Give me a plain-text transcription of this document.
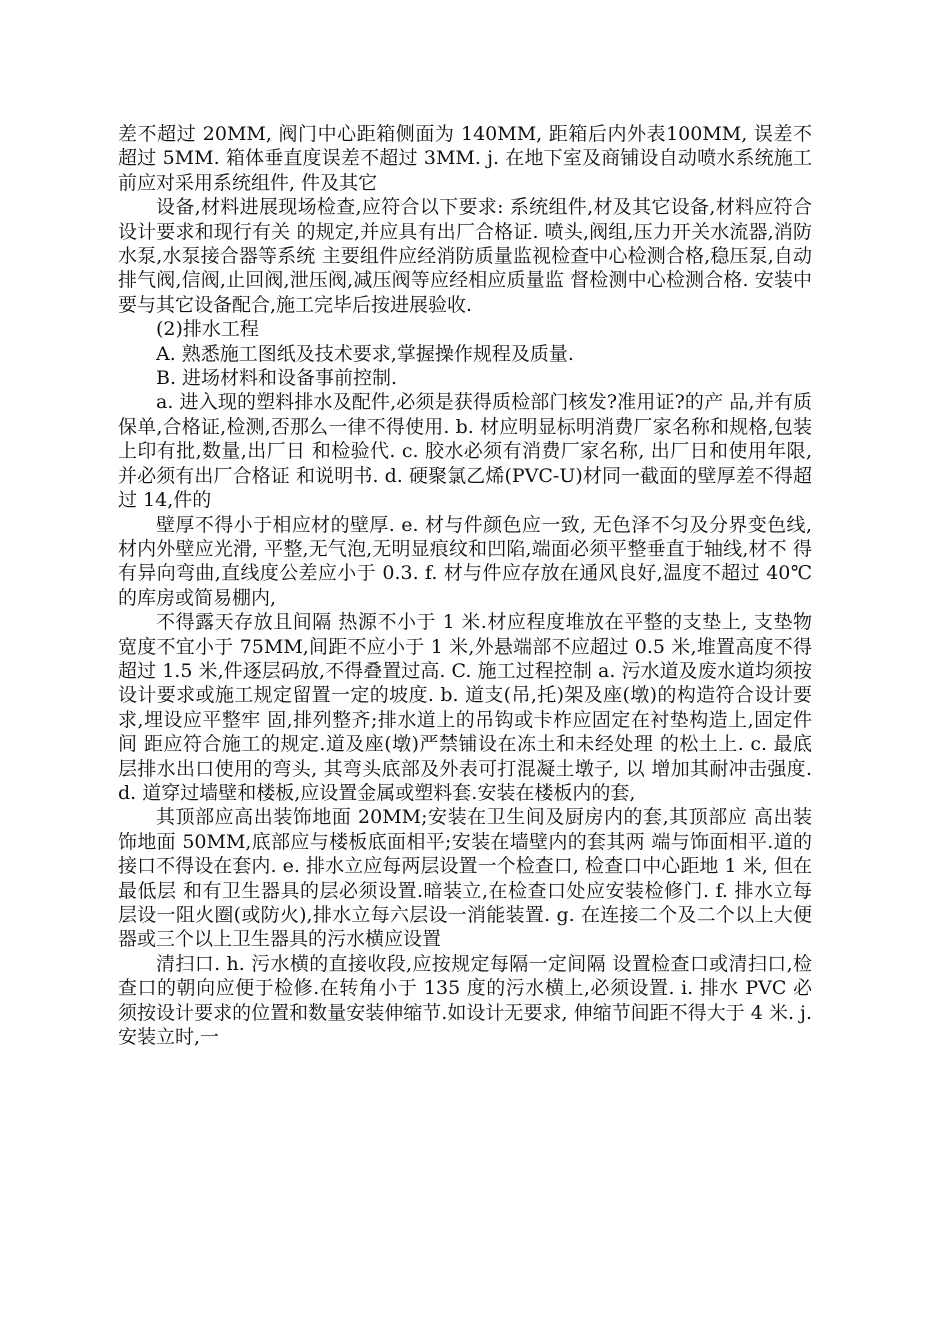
差不超过 20MM, 阀门中心距箱侧面为 140MM, 距箱后内外表100MM, 误差不超过 5MM. 箱体垂直度误差不超过 3MM. j. 在地下室及商铺设自动喷水系统施工前应对采用系统组件, 件及其它

设备,材料进展现场检查,应符合以下要求: 系统组件,材及其它设备,材料应符合设计要求和现行有关 的规定,并应具有出厂合格证. 喷头,阀组,压力开关水流器,消防水泵,水泵接合器等系统 主要组件应经消防质量监视检查中心检测合格,稳压泵,自动 排气阀,信阀,止回阀,泄压阀,减压阀等应经相应质量监 督检测中心检测合格. 安装中要与其它设备配合,施工完毕后按进展验收.

(2)排水工程

A. 熟悉施工图纸及技术要求,掌握操作规程及质量.

B. 进场材料和设备事前控制.

a. 进入现的塑料排水及配件,必须是获得质检部门核发?准用证?的产 品,并有质保单,合格证,检测,否那么一律不得使用. b. 材应明显标明消费厂家名称和规格,包装上印有批,数量,出厂日 和检验代. c. 胶水必须有消费厂家名称, 出厂日和使用年限, 并必须有出厂合格证 和说明书. d. 硬聚氯乙烯(PVC-U)材同一截面的壁厚差不得超过 14,件的

壁厚不得小于相应材的壁厚. e. 材与件颜色应一致, 无色泽不匀及分界变色线, 材内外壁应光滑, 平整,无气泡,无明显痕纹和凹陷,端面必须平整垂直于轴线,材不 得有异向弯曲,直线度公差应小于 0.3. f. 材与件应存放在通风良好,温度不超过 40℃的库房或简易棚内,

不得露天存放且间隔 热源不小于 1 米.材应程度堆放在平整的支垫上, 支垫物宽度不宜小于 75MM,间距不应小于 1 米,外悬端部不应超过 0.5 米,堆置高度不得超过 1.5 米,件逐层码放,不得叠置过高. C. 施工过程控制 a. 污水道及废水道均须按设计要求或施工规定留置一定的坡度. b. 道支(吊,托)架及座(墩)的构造符合设计要求,埋设应平整牢 固,排列整齐;排水道上的吊钩或卡柞应固定在衬垫构造上,固定件间 距应符合施工的规定.道及座(墩)严禁铺设在冻土和未经处理 的松土上. c. 最底层排水出口使用的弯头, 其弯头底部及外表可打混凝土墩子, 以 增加其耐冲击强度. d. 道穿过墙壁和楼板,应设置金属或塑料套.安装在楼板内的套,

其顶部应高出装饰地面 20MM;安装在卫生间及厨房内的套,其顶部应 高出装饰地面 50MM,底部应与楼板底面相平;安装在墙壁内的套其两 端与饰面相平.道的接口不得设在套内. e. 排水立应每两层设置一个检查口, 检查口中心距地 1 米, 但在最低层 和有卫生器具的层必须设置.暗装立,在检查口处应安装检修门. f. 排水立每层设一阻火圈(或防火),排水立每六层设一消能装置. g. 在连接二个及二个以上大便器或三个以上卫生器具的污水横应设置

清扫口. h. 污水横的直接收段,应按规定每隔一定间隔 设置检查口或清扫口,检查口的朝向应便于检修.在转角小于 135 度的污水横上,必须设置. i. 排水 PVC 必须按设计要求的位置和数量安装伸缩节.如设计无要求, 伸缩节间距不得大于 4 米. j. 安装立时,一
